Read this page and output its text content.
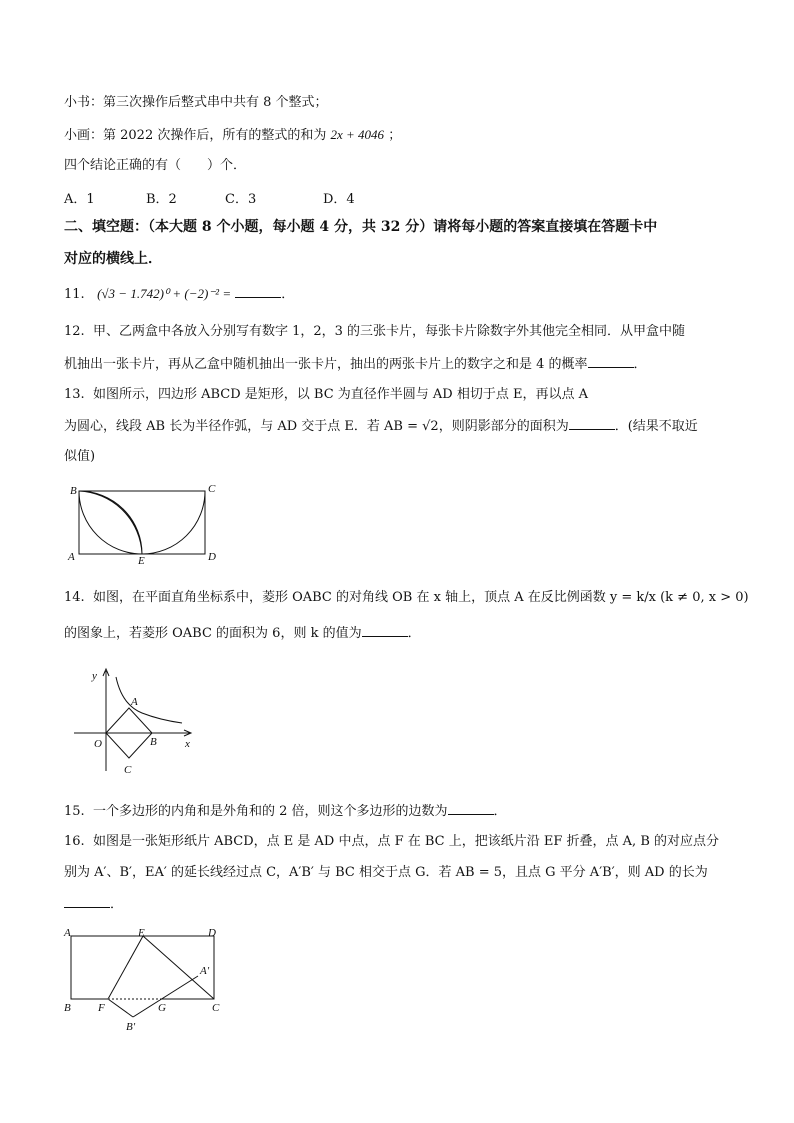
小书：第三次操作后整式串中共有 8 个整式；
小画：第 2022 次操作后，所有的整式的和为 2x + 4046 ；
四个结论正确的有（　　）个．
A．1	B．2	C．3	D．4
二、填空题：（本大题 8 个小题，每小题 4 分，共 32 分）请将每小题的答案直接填在答题卡中
对应的横线上．
11. (√3 − 1.742)⁰ + (−2)⁻² =	．
12. 甲、乙两盒中各放入分别写有数字 1，2，3 的三张卡片，每张卡片除数字外其他完全相同．从甲盒中随
机抽出一张卡片，再从乙盒中随机抽出一张卡片，抽出的两张卡片上的数字之和是 4 的概率	．
13. 如图所示，四边形 ABCD 是矩形，以 BC 为直径作半圆与 AD 相切于点 E，再以点 A
为圆心，线段 AB 长为半径作弧，与 AD 交于点 E．若 AB = √2，则阴影部分的面积为	．(结果不取近
似值)
B	C
A	D
E
14. 如图，在平面直角坐标系中，菱形 OABC 的对角线 OB 在 x 轴上，顶点 A 在反比例函数 y = k/x (k ≠ 0, x > 0)
的图象上，若菱形 OABC 的面积为 6，则 k 的值为	．
y
x
O
A
B
C
15. 一个多边形的内角和是外角和的 2 倍，则这个多边形的边数为	．
16. 如图是一张矩形纸片 ABCD，点 E 是 AD 中点，点 F 在 BC 上，把该纸片沿 EF 折叠，点 A, B 的对应点分
别为 A′、B′，EA′ 的延长线经过点 C，A′B′ 与 BC 相交于点 G．若 AB = 5，且点 G 平分 A′B′，则 AD 的长为
．
A	E	D
A′
B F	G	C
B′
